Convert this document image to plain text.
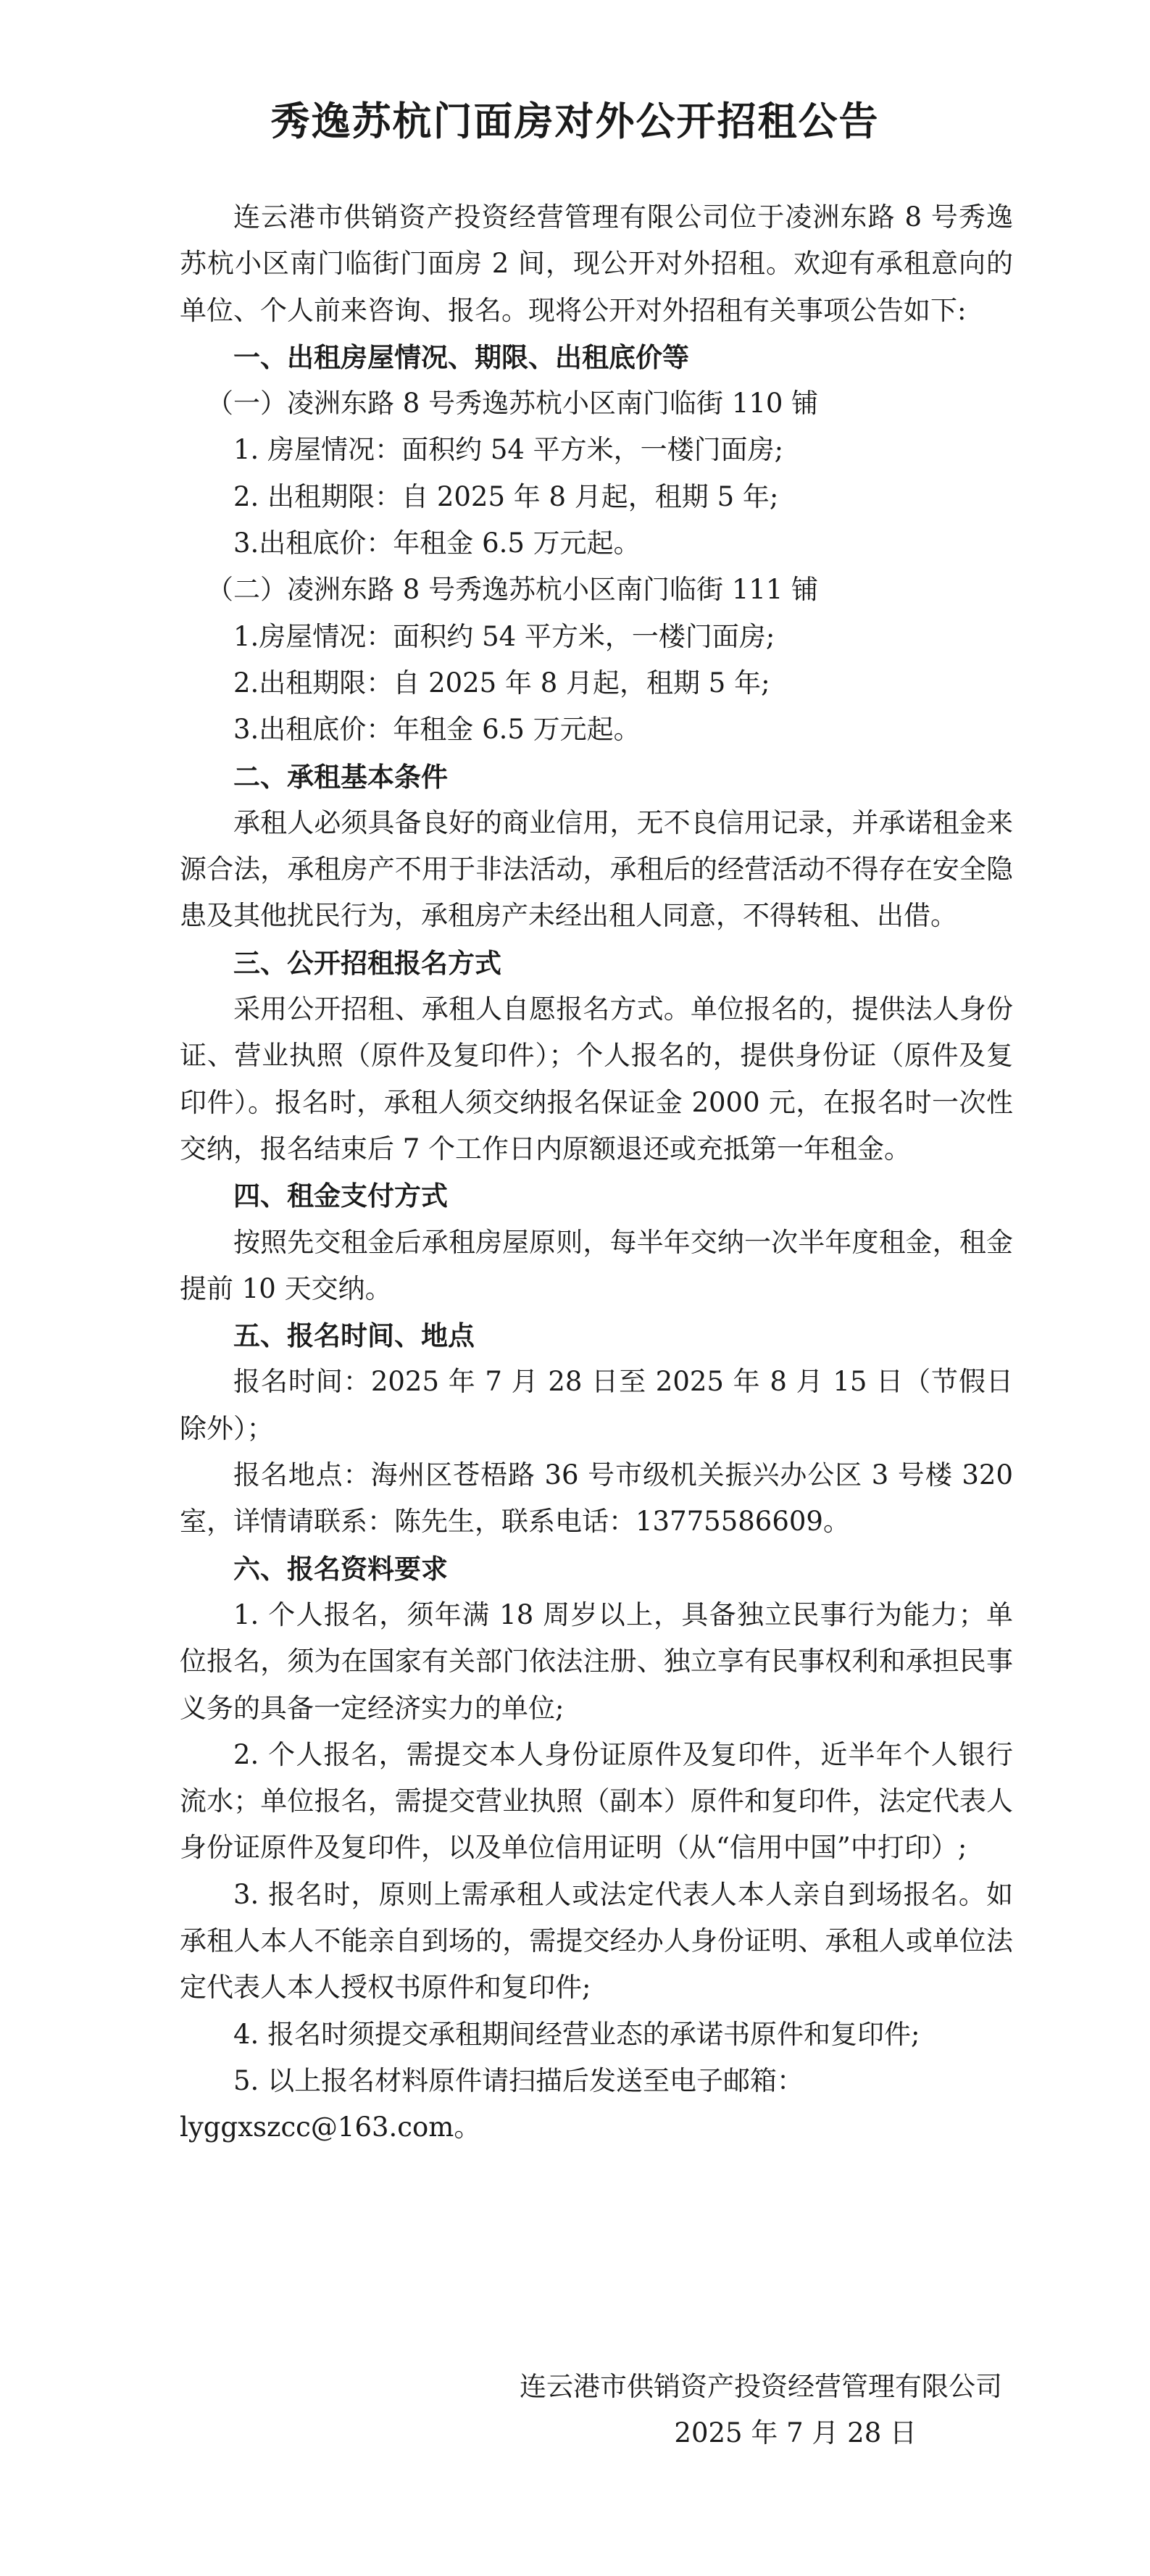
秀逸苏杭门面房对外公开招租公告

连云港市供销资产投资经营管理有限公司位于凌洲东路 8 号秀逸苏杭小区南门临街门面房 2 间，现公开对外招租。欢迎有承租意向的单位、个人前来咨询、报名。现将公开对外招租有关事项公告如下:

一、出租房屋情况、期限、出租底价等

（一）凌洲东路 8 号秀逸苏杭小区南门临街 110 铺

1. 房屋情况：面积约 54 平方米，一楼门面房;

2. 出租期限：自 2025 年 8 月起，租期 5 年;

3.出租底价：年租金 6.5 万元起。

（二）凌洲东路 8 号秀逸苏杭小区南门临街 111 铺

1.房屋情况：面积约 54 平方米，一楼门面房;

2.出租期限：自 2025 年 8 月起，租期 5 年;

3.出租底价：年租金 6.5 万元起。

二、承租基本条件

承租人必须具备良好的商业信用，无不良信用记录，并承诺租金来源合法，承租房产不用于非法活动，承租后的经营活动不得存在安全隐患及其他扰民行为，承租房产未经出租人同意，不得转租、出借。

三、公开招租报名方式

采用公开招租、承租人自愿报名方式。单位报名的，提供法人身份证、营业执照（原件及复印件）；个人报名的，提供身份证（原件及复印件）。报名时，承租人须交纳报名保证金 2000 元，在报名时一次性交纳，报名结束后 7 个工作日内原额退还或充抵第一年租金。

四、租金支付方式

按照先交租金后承租房屋原则，每半年交纳一次半年度租金，租金提前 10 天交纳。

五、报名时间、地点

报名时间：2025 年 7 月 28 日至 2025 年 8 月 15 日（节假日除外）；

报名地点：海州区苍梧路 36 号市级机关振兴办公区 3 号楼 320 室，详情请联系：陈先生，联系电话：13775586609。

六、报名资料要求

1. 个人报名，须年满 18 周岁以上，具备独立民事行为能力；单位报名，须为在国家有关部门依法注册、独立享有民事权利和承担民事义务的具备一定经济实力的单位;

2. 个人报名，需提交本人身份证原件及复印件，近半年个人银行流水；单位报名，需提交营业执照（副本）原件和复印件，法定代表人身份证原件及复印件，以及单位信用证明（从“信用中国”中打印）;

3. 报名时，原则上需承租人或法定代表人本人亲自到场报名。如承租人本人不能亲自到场的，需提交经办人身份证明、承租人或单位法定代表人本人授权书原件和复印件;

4. 报名时须提交承租期间经营业态的承诺书原件和复印件;

5. 以上报名材料原件请扫描后发送至电子邮箱：

lyggxszcc@163.com。

连云港市供销资产投资经营管理有限公司
2025 年 7 月 28 日
